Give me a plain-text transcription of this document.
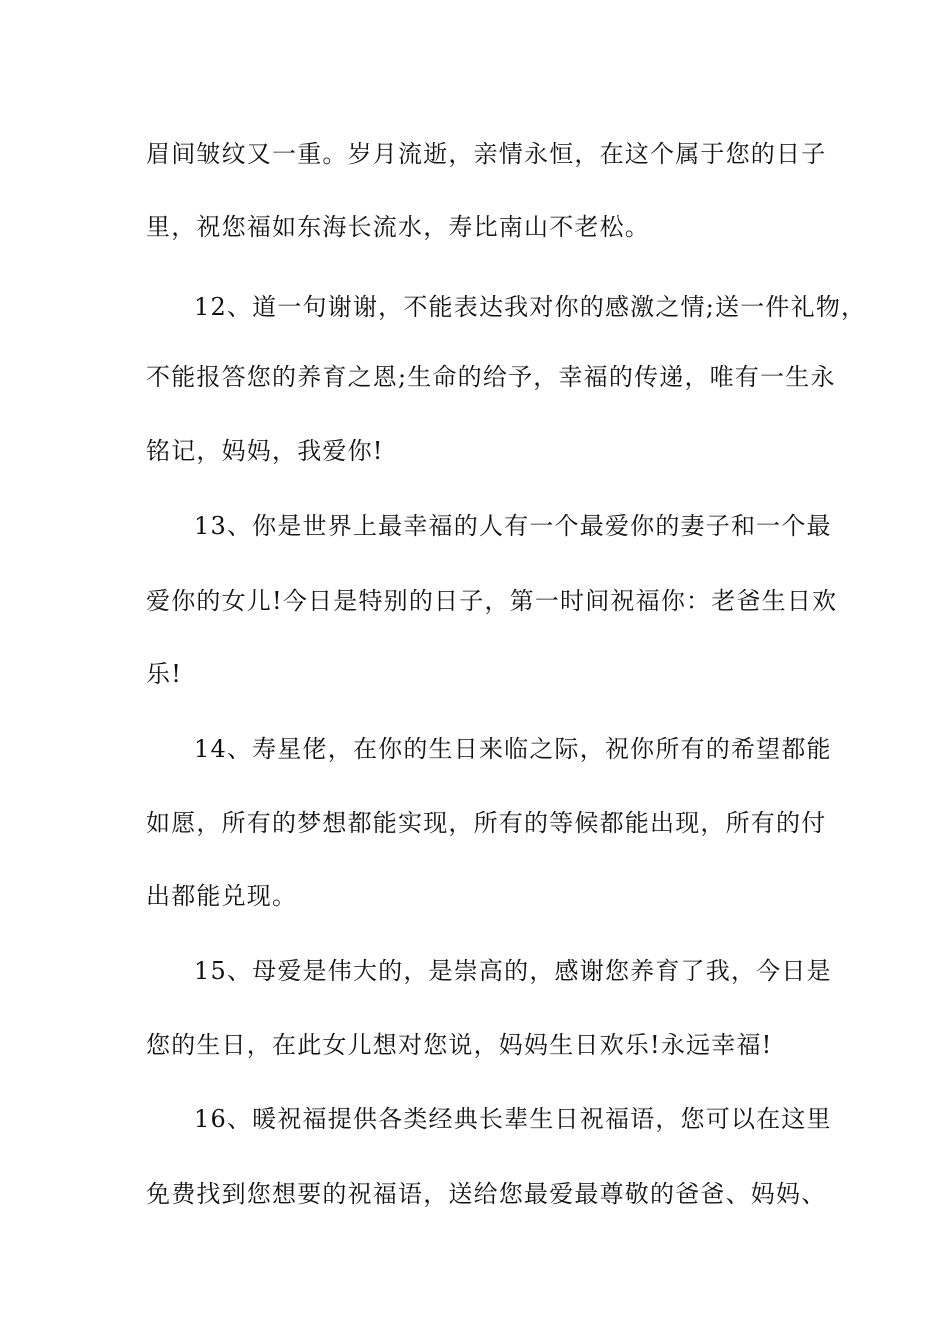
眉间皱纹又一重。岁月流逝，亲情永恒，在这个属于您的日子
里，祝您福如东海长流水，寿比南山不老松。
12、道一句谢谢，不能表达我对你的感激之情;送一件礼物，
不能报答您的养育之恩;生命的给予，幸福的传递，唯有一生永
铭记，妈妈，我爱你!
13、你是世界上最幸福的人有一个最爱你的妻子和一个最
爱你的女儿!今日是特别的日子，第一时间祝福你：老爸生日欢
乐!
14、寿星佬，在你的生日来临之际，祝你所有的希望都能
如愿，所有的梦想都能实现，所有的等候都能出现，所有的付
出都能兑现。
15、母爱是伟大的，是崇高的，感谢您养育了我，今日是
您的生日，在此女儿想对您说，妈妈生日欢乐!永远幸福!
16、暖祝福提供各类经典长辈生日祝福语，您可以在这里
免费找到您想要的祝福语，送给您最爱最尊敬的爸爸、妈妈、
